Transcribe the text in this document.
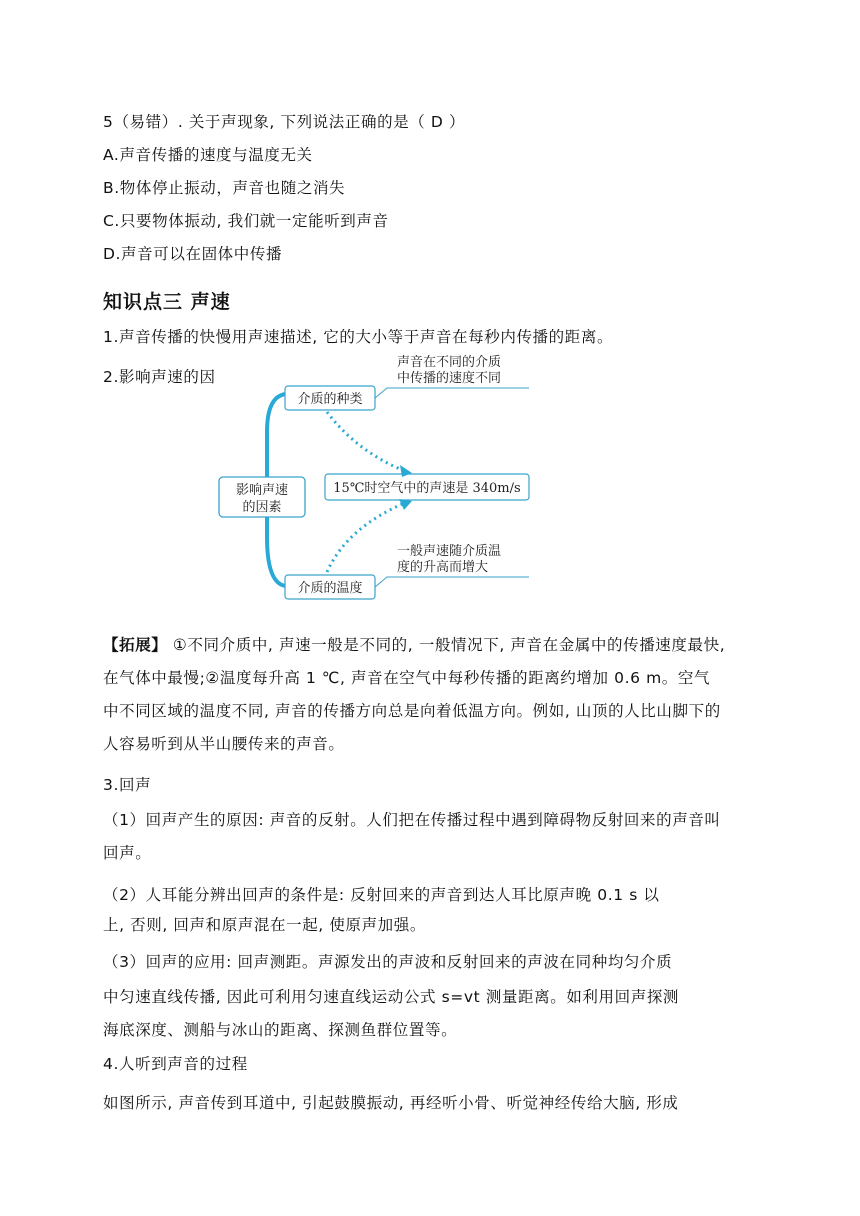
5（易错）. 关于声现象, 下列说法正确的是（ D ）
A.声音传播的速度与温度无关
B.物体停止振动，声音也随之消失
C.只要物体振动, 我们就一定能听到声音
D.声音可以在固体中传播
知识点三 声速
1.声音传播的快慢用声速描述, 它的大小等于声音在每秒内传播的距离。
2.影响声速的因
影响声速
的因素
介质的种类
介质的温度
15℃时空气中的声速是 340m/s
声音在不同的介质
中传播的速度不同
一般声速随介质温
度的升高而增大
【拓展】 ①不同介质中, 声速一般是不同的, 一般情况下, 声音在金属中的传播速度最快,
在气体中最慢;②温度每升高 1 ℃, 声音在空气中每秒传播的距离约增加 0.6 m。空气
中不同区域的温度不同, 声音的传播方向总是向着低温方向。例如, 山顶的人比山脚下的
人容易听到从半山腰传来的声音。
3.回声
（1）回声产生的原因: 声音的反射。人们把在传播过程中遇到障碍物反射回来的声音叫
回声。
（2）人耳能分辨出回声的条件是: 反射回来的声音到达人耳比原声晚 0.1 s 以
上, 否则, 回声和原声混在一起, 使原声加强。
（3）回声的应用: 回声测距。声源发出的声波和反射回来的声波在同种均匀介质
中匀速直线传播, 因此可利用匀速直线运动公式 s=vt 测量距离。如利用回声探测
海底深度、测船与冰山的距离、探测鱼群位置等。
4.人听到声音的过程
如图所示, 声音传到耳道中, 引起鼓膜振动, 再经听小骨、听觉神经传给大脑, 形成
